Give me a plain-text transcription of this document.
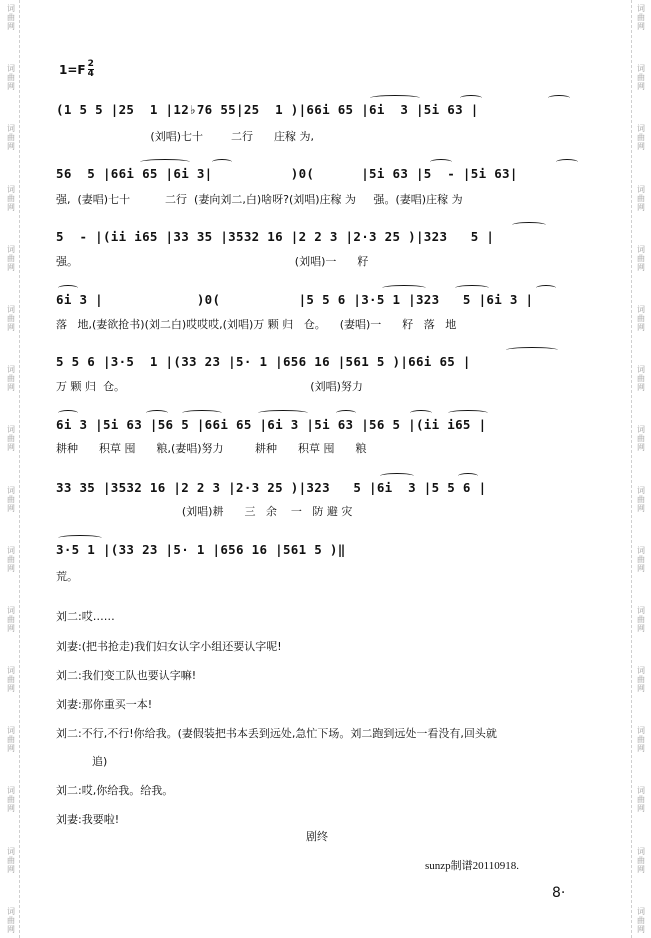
词曲网
词曲网
词曲网
词曲网
词曲网
词曲网
词曲网
词曲网
词曲网
词曲网
词曲网
词曲网
词曲网
词曲网
词曲网
词曲网
词曲网
词曲网
词曲网
词曲网
词曲网
词曲网
词曲网
词曲网
词曲网
词曲网
词曲网
词曲网
词曲网
词曲网
词曲网
词曲网
$1=F \frac{2}{4}$
(1 5 5 |25  1 |12♭76 55|25  1 )|66i 65 |6i  3 |5i 63 |
(刘唱)七十        二行      庄稼 为,
56  5 |66i 65 |6i 3|          )0(      |5i 63 |5  - |5i 63|
强,  (妻唱)七十          二行  (妻向刘二,白)啥呀?(刘唱)庄稼 为     强。(妻唱)庄稼 为
5  - |(ii i65 |33 35 |3532 16 |2 2 3 |2·3 25 )|323   5 |
强。                                                              (刘唱)一      籽
6i 3 |            )0(          |5 5 6 |3·5 1 |323   5 |6i 3 |
落   地,(妻欲抢书)(刘二白)哎哎哎,(刘唱)万 颗 归   仓。    (妻唱)一      籽   落   地
5 5 6 |3·5  1 |(33 23 |5· 1 |656 16 |561 5 )|66i 65 |
万 颗 归  仓。                                                     (刘唱)努力
6i 3 |5i 63 |56 5 |66i 65 |6i 3 |5i 63 |56 5 |(ii i65 |
耕种      积草 囤      粮,(妻唱)努力         耕种      积草 囤      粮
33 35 |3532 16 |2 2 3 |2·3 25 )|323   5 |6i  3 |5 5 6 |
(刘唱)耕      三   余    一   防 避 灾
3·5 1 |(33 23 |5· 1 |656 16 |561 5 )‖
荒。
刘二:哎……
刘妻:(把书抢走)我们妇女认字小组还要认字呢!
刘二:我们变工队也要认字嘛!
刘妻:那你重买一本!
刘二:不行,不行!你给我。(妻假装把书本丢到远处,急忙下场。刘二跑到远处一看没有,回头就
追)
刘二:哎,你给我。给我。
刘妻:我要啦!
剧终
sunzp制谱20110918.
8·
